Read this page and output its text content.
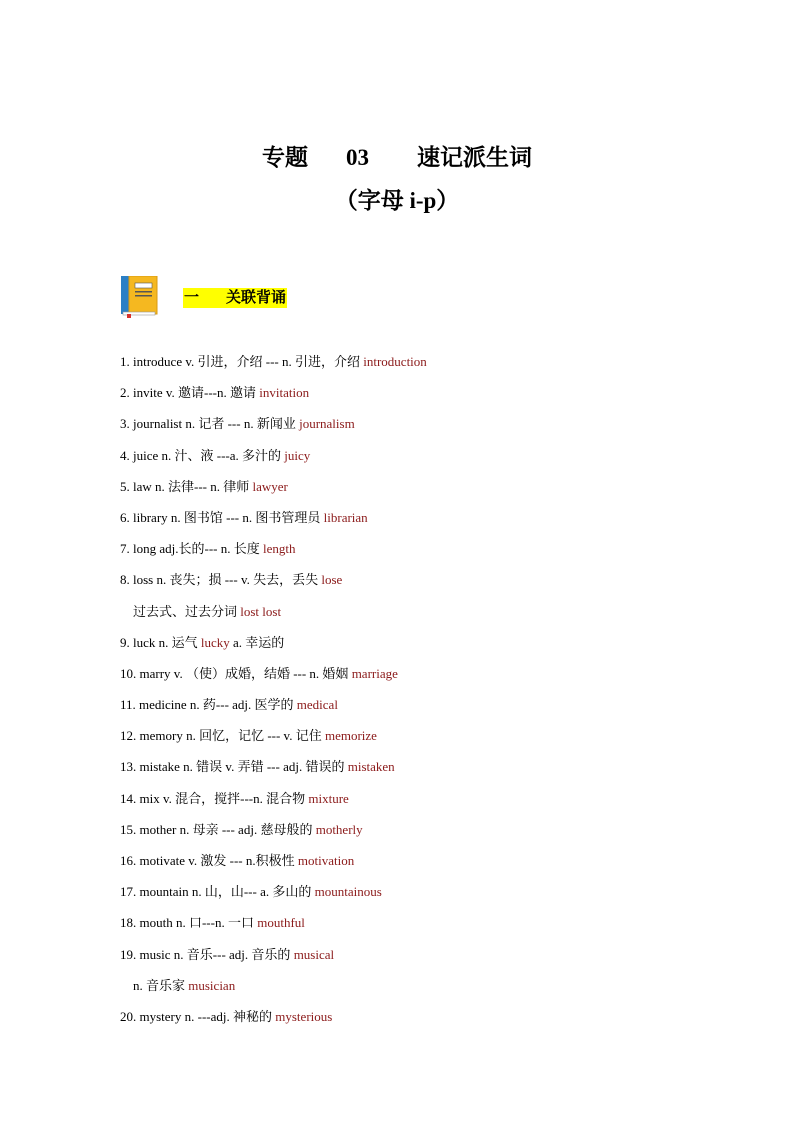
专题 03 速记派生词
（字母 i-p）
一 关联背诵
1. introduce v. 引进，介绍 --- n. 引进，介绍 introduction
2. invite v. 邀请---n. 邀请 invitation
3. journalist n. 记者 --- n. 新闻业 journalism
4. juice n. 汁、液 ---a. 多汁的 juicy
5. law n. 法律--- n. 律师 lawyer
6. library n. 图书馆 --- n. 图书管理员 librarian
7. long adj.长的--- n. 长度 length
8. loss n. 丧失；损 --- v. 失去，丢失 lose
过去式、过去分词 lost lost
9. luck n. 运气 lucky a. 幸运的
10. marry v. （使）成婚，结婚 --- n. 婚姻 marriage
11. medicine n. 药--- adj. 医学的 medical
12. memory n. 回忆，记忆 --- v. 记住 memorize
13. mistake n. 错误 v. 弄错 --- adj. 错误的 mistaken
14. mix v. 混合，搅拌---n. 混合物 mixture
15. mother n. 母亲 --- adj. 慈母般的 motherly
16. motivate v. 激发 --- n.积极性 motivation
17. mountain n. 山，山--- a. 多山的 mountainous
18. mouth n. 口---n. 一口 mouthful
19. music n. 音乐--- adj. 音乐的 musical
n. 音乐家 musician
20. mystery n. ---adj. 神秘的 mysterious
